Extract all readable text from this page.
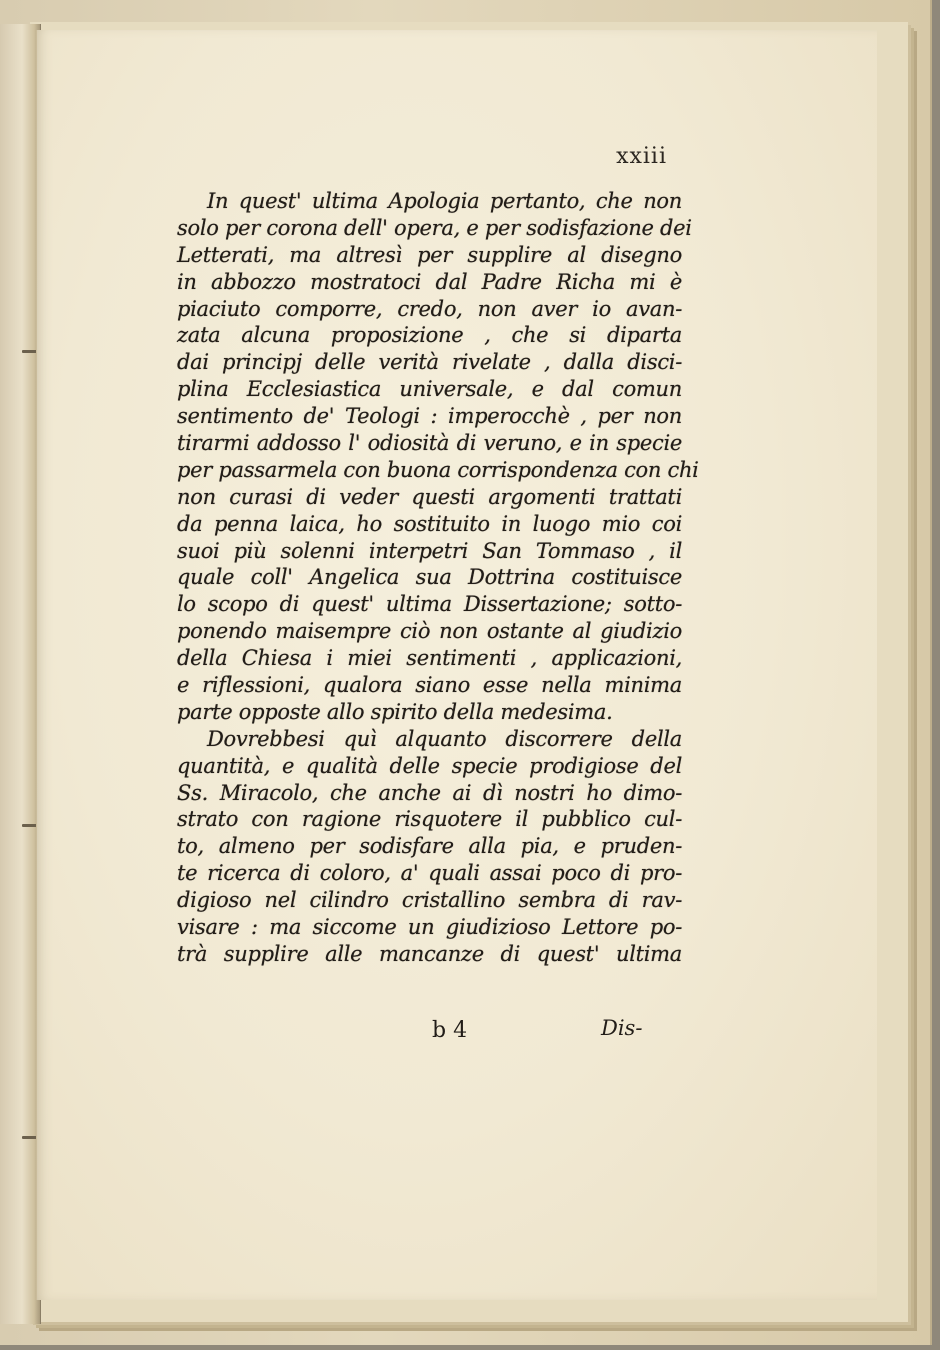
xxiii

In quest' ultima Apologia pertanto, che non
solo per corona dell' opera, e per sodisfazione dei
Letterati, ma altresì per supplire al disegno
in abbozzo mostratoci dal Padre Richa mi è
piaciuto comporre, credo, non aver io avan-
zata alcuna proposizione , che si diparta
dai principj delle verità rivelate , dalla disci-
plina Ecclesiastica universale, e dal comun
sentimento de' Teologi : imperocchè , per non
tirarmi addosso l' odiosità di veruno, e in specie
per passarmela con buona corrispondenza con chi
non curasi di veder questi argomenti trattati
da penna laica, ho sostituito in luogo mio coi
suoi più solenni interpetri San Tommaso , il
quale coll' Angelica sua Dottrina costituisce
lo scopo di quest' ultima Dissertazione; sotto-
ponendo maisempre ciò non ostante al giudizio
della Chiesa i miei sentimenti , applicazioni,
e riflessioni, qualora siano esse nella minima
parte opposte allo spirito della medesima.
Dovrebbesi quì alquanto discorrere della
quantità, e qualità delle specie prodigiose del
Ss. Miracolo, che anche ai dì nostri ho dimo-
strato con ragione risquotere il pubblico cul-
to, almeno per sodisfare alla pia, e pruden-
te ricerca di coloro, a' quali assai poco di pro-
digioso nel cilindro cristallino sembra di rav-
visare : ma siccome un giudizioso Lettore po-
trà supplire alle mancanze di quest' ultima

b 4	Dis-
